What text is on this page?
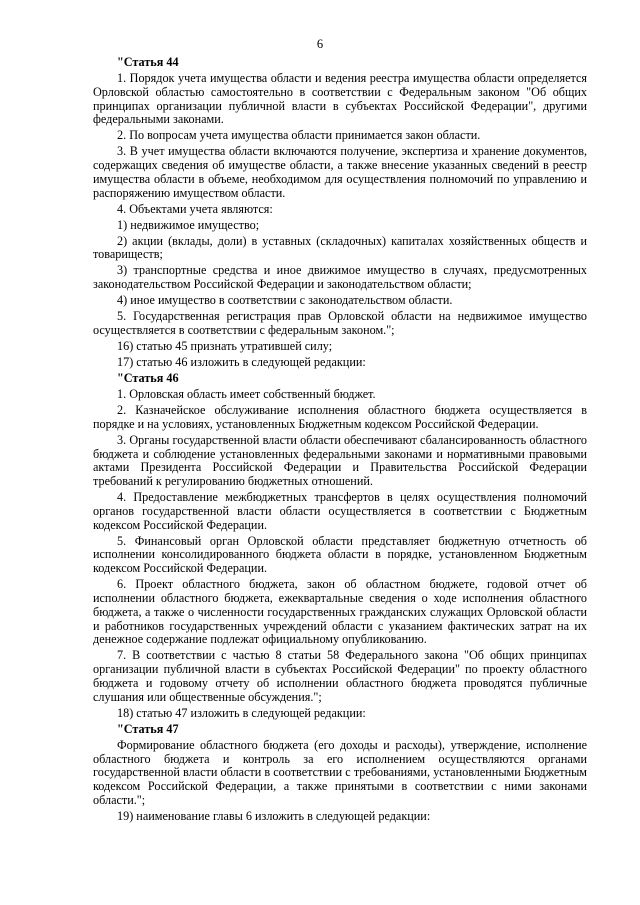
6

"Статья 44

1. Порядок учета имущества области и ведения реестра имущества области определяется Орловской областью самостоятельно в соответствии с Федеральным законом "Об общих принципах организации публичной власти в субъектах Российской Федерации", другими федеральными законами.

2. По вопросам учета имущества области принимается закон области.

3. В учет имущества области включаются получение, экспертиза и хранение документов, содержащих сведения об имуществе области, а также внесение указанных сведений в реестр имущества области в объеме, необходимом для осуществления полномочий по управлению и распоряжению имуществом области.

4. Объектами учета являются:

1) недвижимое имущество;

2) акции (вклады, доли) в уставных (складочных) капиталах хозяйственных обществ и товариществ;

3) транспортные средства и иное движимое имущество в случаях, предусмотренных законодательством Российской Федерации и законодательством области;

4) иное имущество в соответствии с законодательством области.

5. Государственная регистрация прав Орловской области на недвижимое имущество осуществляется в соответствии с федеральным законом.";

16) статью 45 признать утратившей силу;

17) статью 46 изложить в следующей редакции:

"Статья 46

1. Орловская область имеет собственный бюджет.

2. Казначейское обслуживание исполнения областного бюджета осуществляется в порядке и на условиях, установленных Бюджетным кодексом Российской Федерации.

3. Органы государственной власти области обеспечивают сбалансированность областного бюджета и соблюдение установленных федеральными законами и нормативными правовыми актами Президента Российской Федерации и Правительства Российской Федерации требований к регулированию бюджетных отношений.

4. Предоставление межбюджетных трансфертов в целях осуществления полномочий органов государственной власти области осуществляется в соответствии с Бюджетным кодексом Российской Федерации.

5. Финансовый орган Орловской области представляет бюджетную отчетность об исполнении консолидированного бюджета области в порядке, установленном Бюджетным кодексом Российской Федерации.

6. Проект областного бюджета, закон об областном бюджете, годовой отчет об исполнении областного бюджета, ежеквартальные сведения о ходе исполнения областного бюджета, а также о численности государственных гражданских служащих Орловской области и работников государственных учреждений области с указанием фактических затрат на их денежное содержание подлежат официальному опубликованию.

7. В соответствии с частью 8 статьи 58 Федерального закона "Об общих принципах организации публичной власти в субъектах Российской Федерации" по проекту областного бюджета и годовому отчету об исполнении областного бюджета проводятся публичные слушания или общественные обсуждения.";

18) статью 47 изложить в следующей редакции:

"Статья 47

Формирование областного бюджета (его доходы и расходы), утверждение, исполнение областного бюджета и контроль за его исполнением осуществляются органами государственной власти области в соответствии с требованиями, установленными Бюджетным кодексом Российской Федерации, а также принятыми в соответствии с ними законами области.";

19) наименование главы 6 изложить в следующей редакции:
